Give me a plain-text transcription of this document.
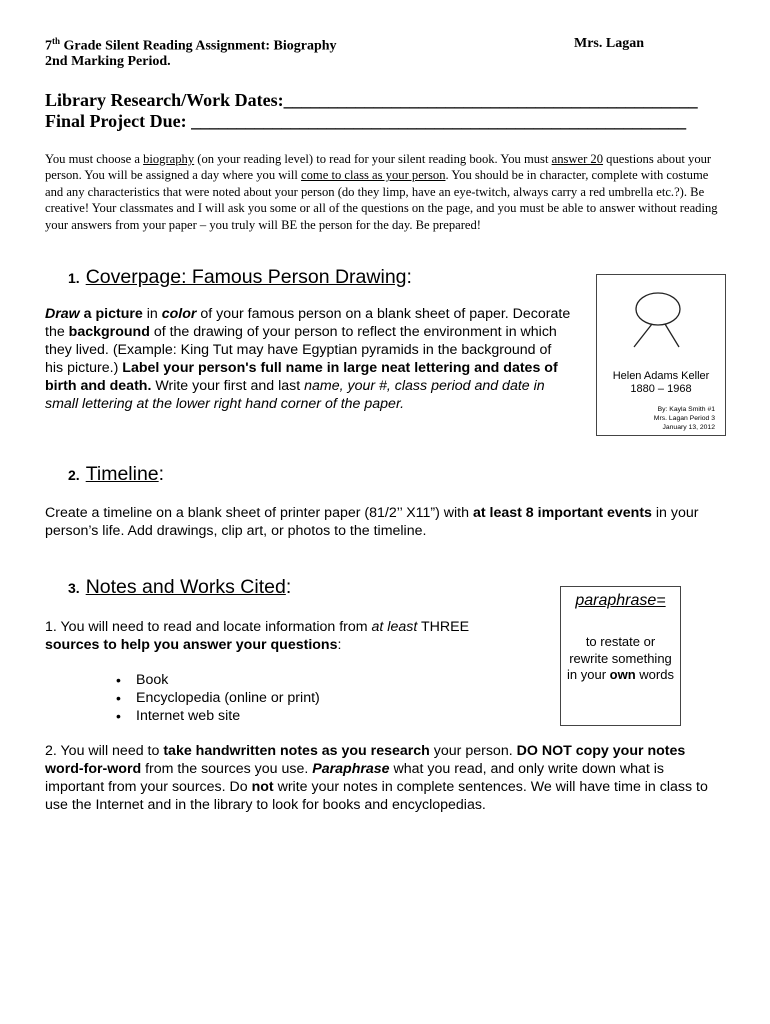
7th Grade Silent Reading Assignment: Biography	Mrs. Lagan
2nd Marking Period.
Library Research/Work Dates:______________________________________________
Final Project Due: _______________________________________________________
You must choose a biography (on your reading level) to read for your silent reading book. You must answer 20 questions about your person. You will be assigned a day where you will come to class as your person. You should be in character, complete with costume and any characteristics that were noted about your person (do they limp, have an eye-twitch, always carry a red umbrella etc.?). Be creative! Your classmates and I will ask you some or all of the questions on the page, and you must be able to answer without reading your answers from your paper – you truly will BE the person for the day. Be prepared!
1. Coverpage: Famous Person Drawing:
Draw a picture in color of your famous person on a blank sheet of paper. Decorate the background of the drawing of your person to reflect the environment in which they lived. (Example: King Tut may have Egyptian pyramids in the background of his picture.) Label your person's full name in large neat lettering and dates of birth and death. Write your first and last name, your #, class period and date in small lettering at the lower right hand corner of the paper.
Helen Adams Keller
1880 – 1968
By: Kayla Smith #1
Mrs. Lagan Period 3
January 13, 2012
2. Timeline:
Create a timeline on a blank sheet of printer paper (81/2’’ X11”) with at least 8 important events in your person’s life. Add drawings, clip art, or photos to the timeline.
3. Notes and Works Cited:
1. You will need to read and locate information from at least THREE sources to help you answer your questions:
• Book
• Encyclopedia (online or print)
• Internet web site
paraphrase=
to restate or rewrite something in your own words
2. You will need to take handwritten notes as you research your person. DO NOT copy your notes word-for-word from the sources you use. Paraphrase what you read, and only write down what is important from your sources. Do not write your notes in complete sentences. We will have time in class to use the Internet and in the library to look for books and encyclopedias.
